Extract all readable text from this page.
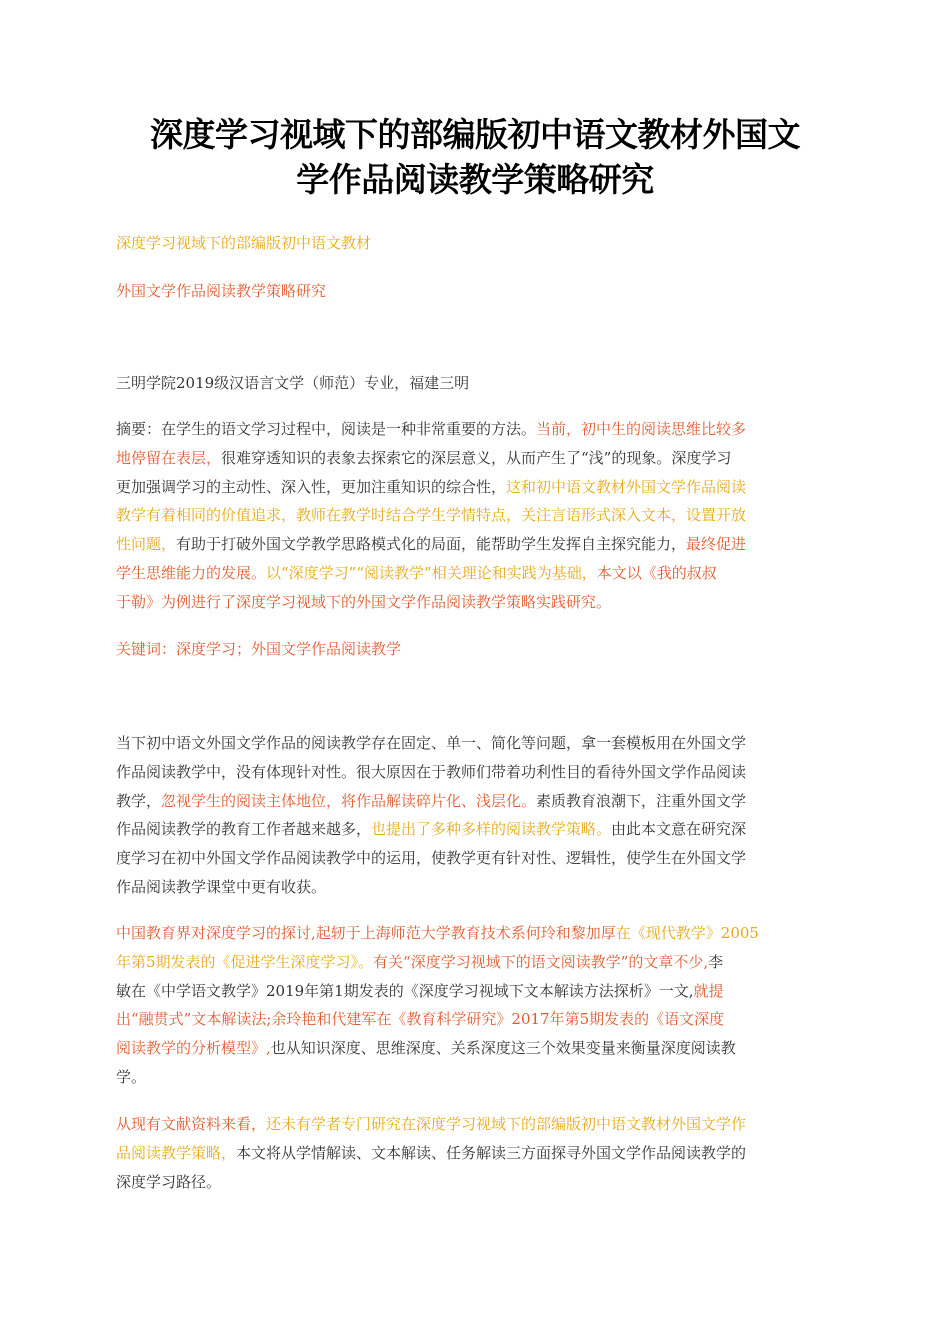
深度学习视域下的部编版初中语文教材外国文
学作品阅读教学策略研究
深度学习视域下的部编版初中语文教材
外国文学作品阅读教学策略研究
三明学院2019级汉语言文学（师范）专业，福建三明
摘要：在学生的语文学习过程中，阅读是一种非常重要的方法。当前，初中生的阅读思维比较多
地停留在表层，很难穿透知识的表象去探索它的深层意义，从而产生了“浅”的现象。深度学习
更加强调学习的主动性、深入性，更加注重知识的综合性，这和初中语文教材外国文学作品阅读
教学有着相同的价值追求，教师在教学时结合学生学情特点，关注言语形式深入文本，设置开放
性问题，有助于打破外国文学教学思路模式化的局面，能帮助学生发挥自主探究能力，最终促进
学生思维能力的发展。以“深度学习”“阅读教学”相关理论和实践为基础，本文以《我的叔叔
于勒》为例进行了深度学习视域下的外国文学作品阅读教学策略实践研究。
关键词：深度学习；外国文学作品阅读教学
当下初中语文外国文学作品的阅读教学存在固定、单一、简化等问题，拿一套模板用在外国文学
作品阅读教学中，没有体现针对性。很大原因在于教师们带着功利性目的看待外国文学作品阅读
教学，忽视学生的阅读主体地位，将作品解读碎片化、浅层化。素质教育浪潮下，注重外国文学
作品阅读教学的教育工作者越来越多，也提出了多种多样的阅读教学策略。由此本文意在研究深
度学习在初中外国文学作品阅读教学中的运用，使教学更有针对性、逻辑性，使学生在外国文学
作品阅读教学课堂中更有收获。
中国教育界对深度学习的探讨,起轫于上海师范大学教育技术系何玲和黎加厚在《现代教学》2005
年第5期发表的《促进学生深度学习》。有关“深度学习视域下的语文阅读教学”的文章不少,李
敏在《中学语文教学》2019年第1期发表的《深度学习视域下文本解读方法探析》一文,就提
出“融贯式”文本解读法;余玲艳和代建军在《教育科学研究》2017年第5期发表的《语文深度
阅读教学的分析模型》,也从知识深度、思维深度、关系深度这三个效果变量来衡量深度阅读教
学。
从现有文献资料来看，还未有学者专门研究在深度学习视域下的部编版初中语文教材外国文学作
品阅读教学策略，本文将从学情解读、文本解读、任务解读三方面探寻外国文学作品阅读教学的
深度学习路径。
